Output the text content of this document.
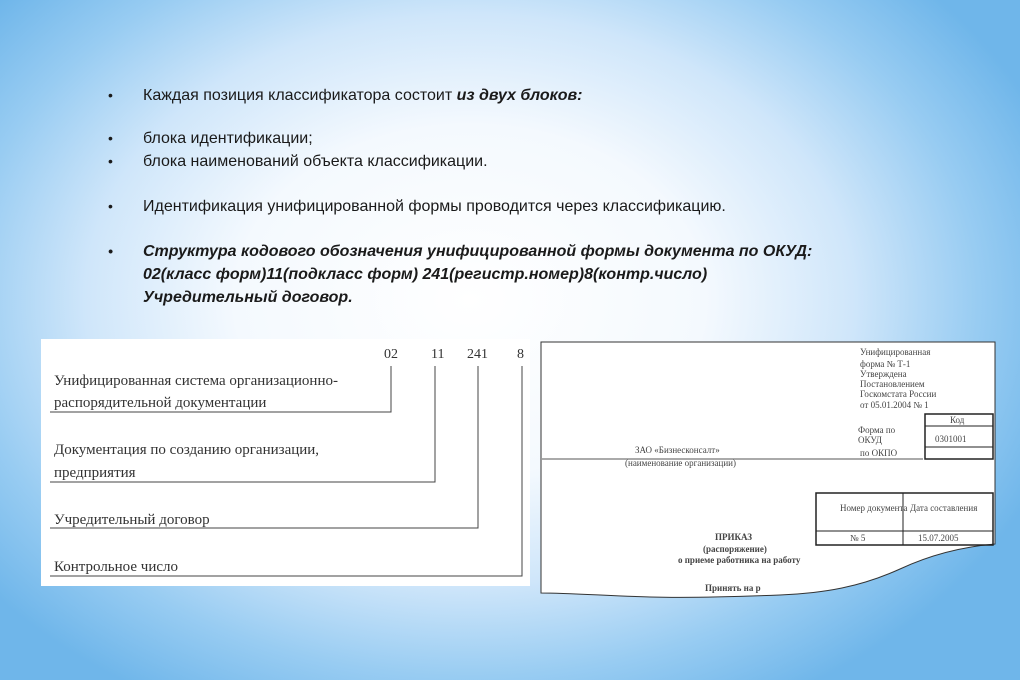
• Каждая позиция классификатора состоит из двух блоков:
• блока идентификации;
• блока наименований объекта классификации.
• Идентификация унифицированной формы проводится через классификацию.
• Структура кодового обозначения унифицированной формы документа по ОКУД:
02(класс форм)11(подкласс форм) 241(регистр.номер)8(контр.число)
Учредительный договор.
02 11 241 8
Унифицированная система организационно-
распорядительной документации
Документация по созданию организации,
предприятия
Учредительный договор
Контрольное число
Унифицированная
форма № Т-1
Утверждена
Постановлением
Госкомстата России
от 05.01.2004 № 1
Код
Форма по
ОКУД	0301001
по ОКПО
ЗАО «Бизнесконсалт»
(наименование организации)
Номер документа Дата составления
№ 5	15.07.2005
ПРИКАЗ
(распоряжение)
о приеме работника на работу
Принять на р
